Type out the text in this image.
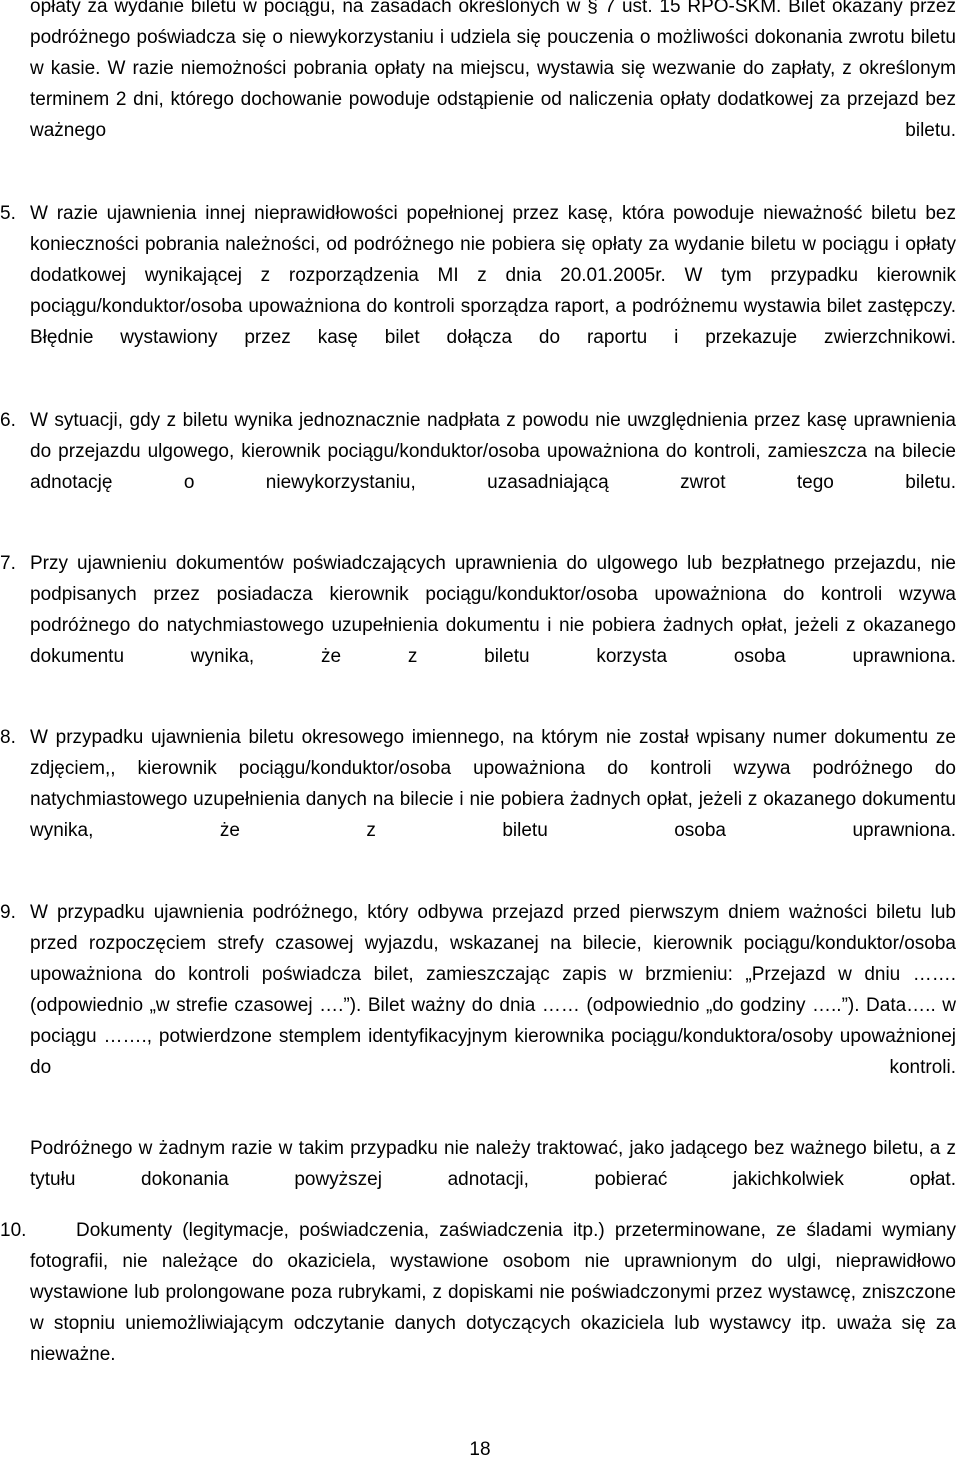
opłaty za wydanie biletu w pociągu, na zasadach określonych w § 7 ust. 15 RPO-SKM. Bilet okazany przez podróżnego poświadcza się o niewykorzystaniu i udziela się pouczenia o możliwości dokonania zwrotu biletu w kasie. W razie niemożności pobrania opłaty na miejscu, wystawia się wezwanie do zapłaty, z określonym terminem 2 dni, którego dochowanie powoduje odstąpienie od naliczenia opłaty dodatkowej za przejazd bez ważnego biletu.

5. W razie ujawnienia innej nieprawidłowości popełnionej przez kasę, która powoduje nieważność biletu bez konieczności pobrania należności, od podróżnego nie pobiera się opłaty za wydanie biletu w pociągu i opłaty dodatkowej wynikającej z rozporządzenia MI z dnia 20.01.2005r. W tym przypadku kierownik pociągu/konduktor/osoba upoważniona do kontroli sporządza raport, a podróżnemu wystawia bilet zastępczy. Błędnie wystawiony przez kasę bilet dołącza do raportu i przekazuje zwierzchnikowi.

6. W sytuacji, gdy z biletu wynika jednoznacznie nadpłata z powodu nie uwzględnienia przez kasę uprawnienia do przejazdu ulgowego, kierownik pociągu/konduktor/osoba upoważniona do kontroli, zamieszcza na bilecie adnotację o niewykorzystaniu, uzasadniającą zwrot tego biletu.

7. Przy ujawnieniu dokumentów poświadczających uprawnienia do ulgowego lub bezpłatnego przejazdu, nie podpisanych przez posiadacza kierownik pociągu/konduktor/osoba upoważniona do kontroli wzywa podróżnego do natychmiastowego uzupełnienia dokumentu i nie pobiera żadnych opłat, jeżeli z okazanego dokumentu wynika, że z biletu korzysta osoba uprawniona.

8. W przypadku ujawnienia biletu okresowego imiennego, na którym nie został wpisany numer dokumentu ze zdjęciem,, kierownik pociągu/konduktor/osoba upoważniona do kontroli wzywa podróżnego do natychmiastowego uzupełnienia danych na bilecie i nie pobiera żadnych opłat, jeżeli z okazanego dokumentu wynika, że z biletu osoba uprawniona.

9. W przypadku ujawnienia podróżnego, który odbywa przejazd przed pierwszym dniem ważności biletu lub przed rozpoczęciem strefy czasowej wyjazdu, wskazanej na bilecie, kierownik pociągu/konduktor/osoba upoważniona do kontroli poświadcza bilet, zamieszczając zapis w brzmieniu: „Przejazd w dniu …….(odpowiednio „w strefie czasowej ….”). Bilet ważny do dnia …… (odpowiednio „do godziny …..”). Data….. w pociągu ……., potwierdzone stemplem identyfikacyjnym kierownika pociągu/konduktora/osoby upoważnionej do kontroli.

Podróżnego w żadnym razie w takim przypadku nie należy traktować, jako jadącego bez ważnego biletu, a z tytułu dokonania powyższej adnotacji, pobierać jakichkolwiek opłat.

10.	Dokumenty (legitymacje, poświadczenia, zaświadczenia itp.) przeterminowane, ze śladami wymiany fotografii, nie należące do okaziciela, wystawione osobom nie uprawnionym do ulgi, nieprawidłowo wystawione lub prolongowane poza rubrykami, z dopiskami nie poświadczonymi przez wystawcę, zniszczone w stopniu uniemożliwiającym odczytanie danych dotyczących okaziciela lub wystawcy itp. uważa się za nieważne.

18
